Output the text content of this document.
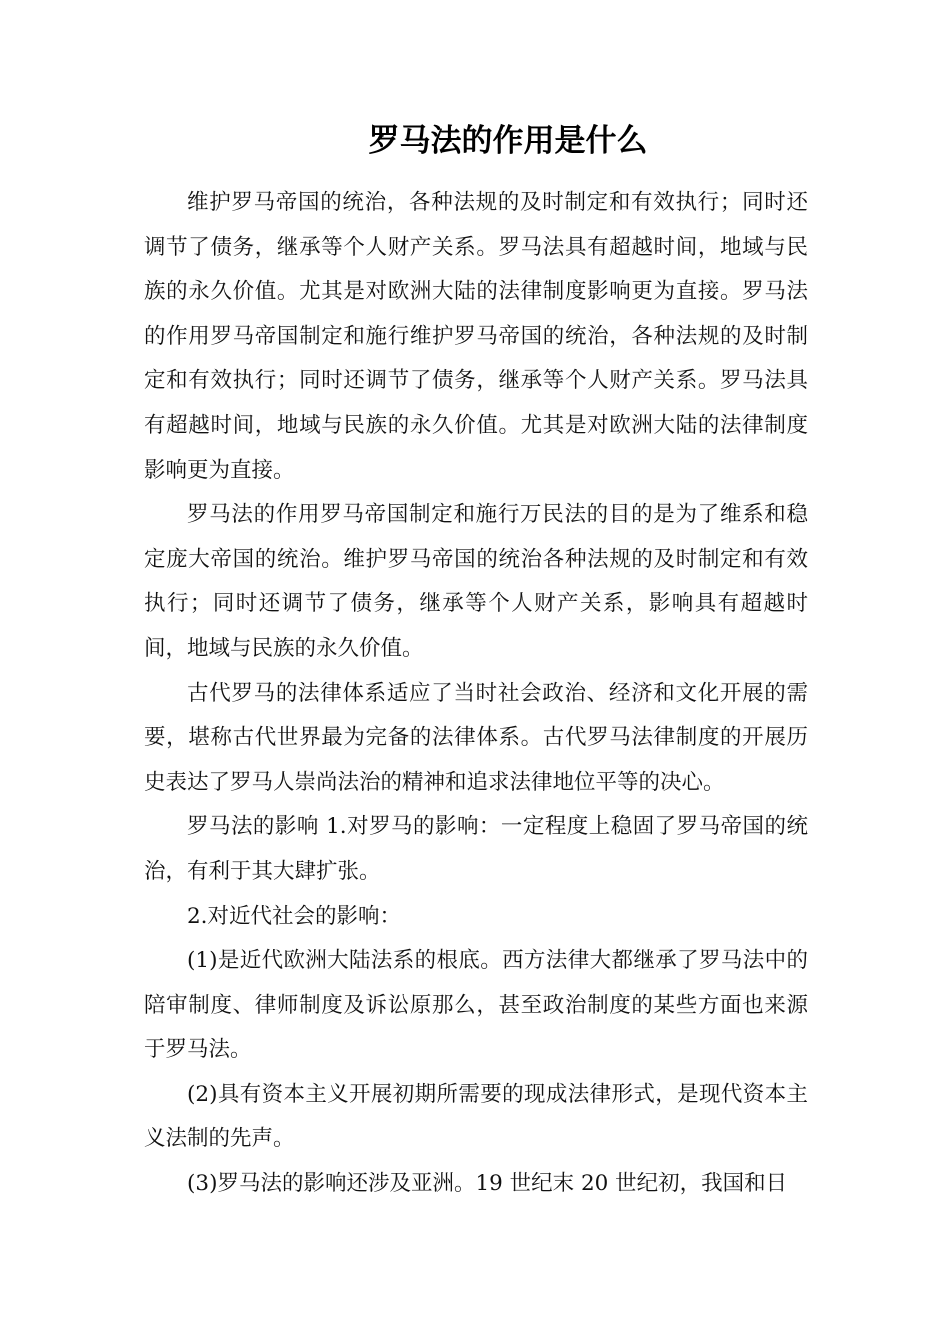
罗马法的作用是什么

维护罗马帝国的统治，各种法规的及时制定和有效执行；同时还调节了债务，继承等个人财产关系。罗马法具有超越时间，地域与民族的永久价值。尤其是对欧洲大陆的法律制度影响更为直接。罗马法的作用罗马帝国制定和施行维护罗马帝国的统治，各种法规的及时制定和有效执行；同时还调节了债务，继承等个人财产关系。罗马法具有超越时间，地域与民族的永久价值。尤其是对欧洲大陆的法律制度影响更为直接。

罗马法的作用罗马帝国制定和施行万民法的目的是为了维系和稳定庞大帝国的统治。维护罗马帝国的统治各种法规的及时制定和有效执行；同时还调节了债务，继承等个人财产关系，影响具有超越时间，地域与民族的永久价值。

古代罗马的法律体系适应了当时社会政治、经济和文化开展的需要，堪称古代世界最为完备的法律体系。古代罗马法律制度的开展历史表达了罗马人崇尚法治的精神和追求法律地位平等的决心。

罗马法的影响 1.对罗马的影响：一定程度上稳固了罗马帝国的统治，有利于其大肆扩张。

2.对近代社会的影响：

(1)是近代欧洲大陆法系的根底。西方法律大都继承了罗马法中的陪审制度、律师制度及诉讼原那么，甚至政治制度的某些方面也来源于罗马法。

(2)具有资本主义开展初期所需要的现成法律形式，是现代资本主义法制的先声。

(3)罗马法的影响还涉及亚洲。19 世纪末 20 世纪初，我国和日
